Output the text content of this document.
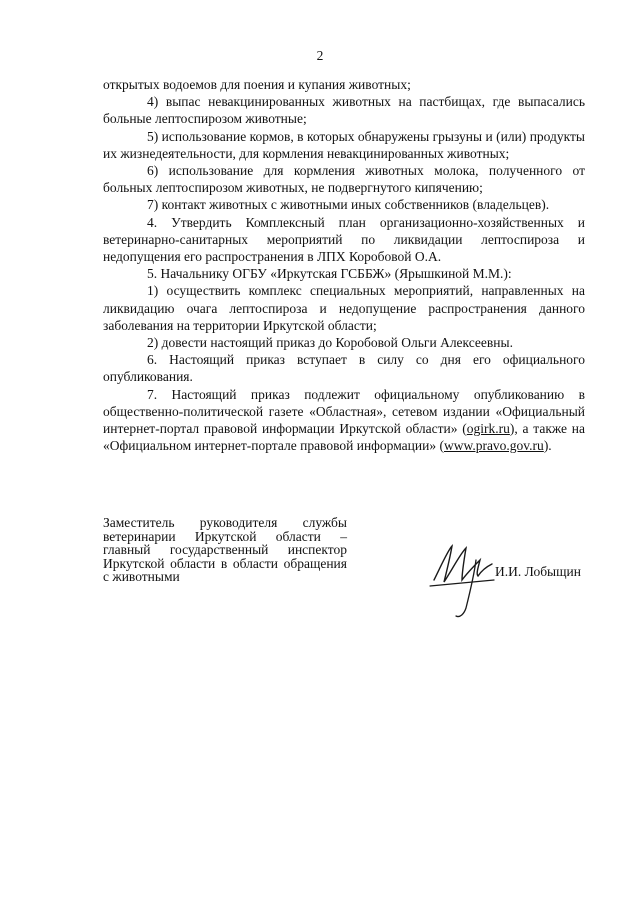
2

открытых водоемов для поения и купания животных;

4) выпас невакцинированных животных на пастбищах, где выпасались больные лептоспирозом животные;

5) использование кормов, в которых обнаружены грызуны и (или) продукты их жизнедеятельности, для кормления невакцинированных животных;

6) использование для кормления животных молока, полученного от больных лептоспирозом животных, не подвергнутого кипячению;

7) контакт животных с животными иных собственников (владельцев).

4. Утвердить Комплексный план организационно-хозяйственных и ветеринарно-санитарных мероприятий по ликвидации лептоспироза и недопущения его распространения в ЛПХ Коробовой О.А.

5. Начальнику ОГБУ «Иркутская ГСББЖ» (Ярышкиной М.М.):

1) осуществить комплекс специальных мероприятий, направленных на ликвидацию очага лептоспироза и недопущение распространения данного заболевания на территории Иркутской области;

2) довести настоящий приказ до Коробовой Ольги Алексеевны.

6. Настоящий приказ вступает в силу со дня его официального опубликования.

7. Настоящий приказ подлежит официальному опубликованию в общественно-политической газете «Областная», сетевом издании «Официальный интернет-портал правовой информации Иркутской области» (ogirk.ru), а также на «Официальном интернет-портале правовой информации» (www.pravo.gov.ru).

Заместитель руководителя службы ветеринарии Иркутской области – главный государственный инспектор Иркутской области в области обращения с животными	И.И. Лобыщин
